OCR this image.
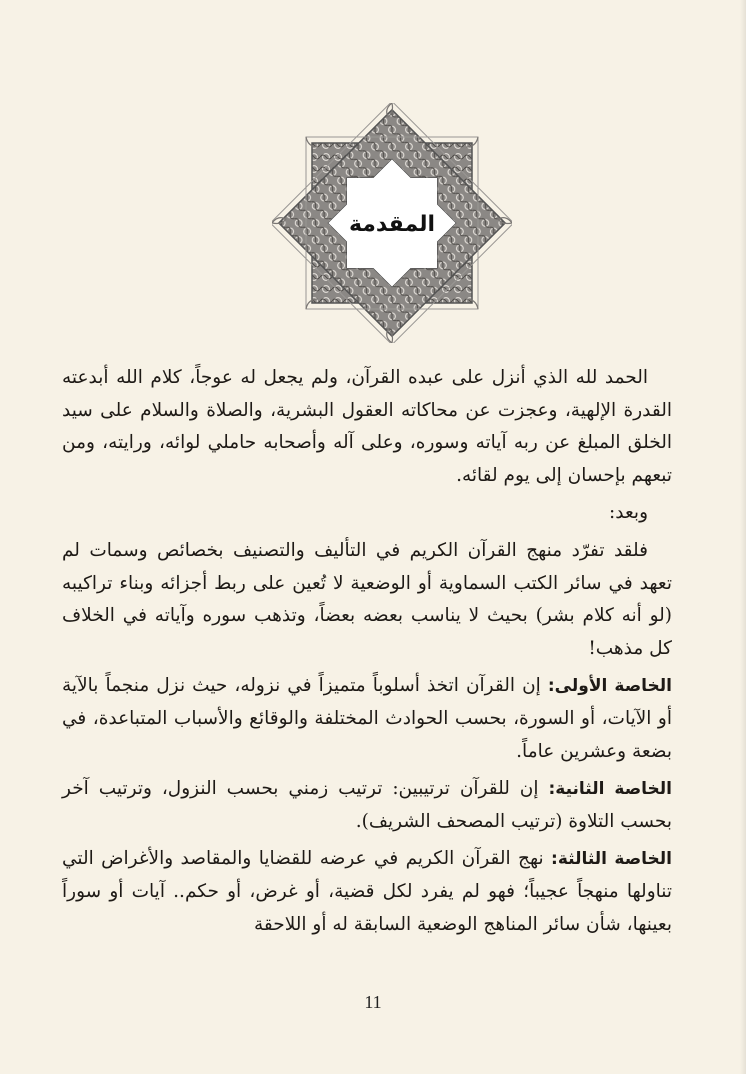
المقدمة

الحمد لله الذي أنزل على عبده القرآن، ولم يجعل له عوجاً، كلام الله أبدعته القدرة الإلهية، وعجزت عن محاكاته العقول البشرية، والصلاة والسلام على سيد الخلق المبلغ عن ربه آياته وسوره، وعلى آله وأصحابه حاملي لوائه، ورايته، ومن تبعهم بإحسان إلى يوم لقائه.

وبعد:

فلقد تفرّد منهج القرآن الكريم في التأليف والتصنيف بخصائص وسمات لم تعهد في سائر الكتب السماوية أو الوضعية لا تُعين على ربط أجزائه وبناء تراكيبه (لو أنه كلام بشر) بحيث لا يناسب بعضه بعضاً، وتذهب سوره وآياته في الخلاف كل مذهب!

الخاصة الأولى: إن القرآن اتخذ أسلوباً متميزاً في نزوله، حيث نزل منجماً بالآية أو الآيات، أو السورة، بحسب الحوادث المختلفة والوقائع والأسباب المتباعدة، في بضعة وعشرين عاماً.

الخاصة الثانية: إن للقرآن ترتيبين: ترتيب زمني بحسب النزول، وترتيب آخر بحسب التلاوة (ترتيب المصحف الشريف).

الخاصة الثالثة: نهج القرآن الكريم في عرضه للقضايا والمقاصد والأغراض التي تناولها منهجاً عجيباً؛ فهو لم يفرد لكل قضية، أو غرض، أو حكم.. آيات أو سوراً بعينها، شأن سائر المناهج الوضعية السابقة له أو اللاحقة

11
